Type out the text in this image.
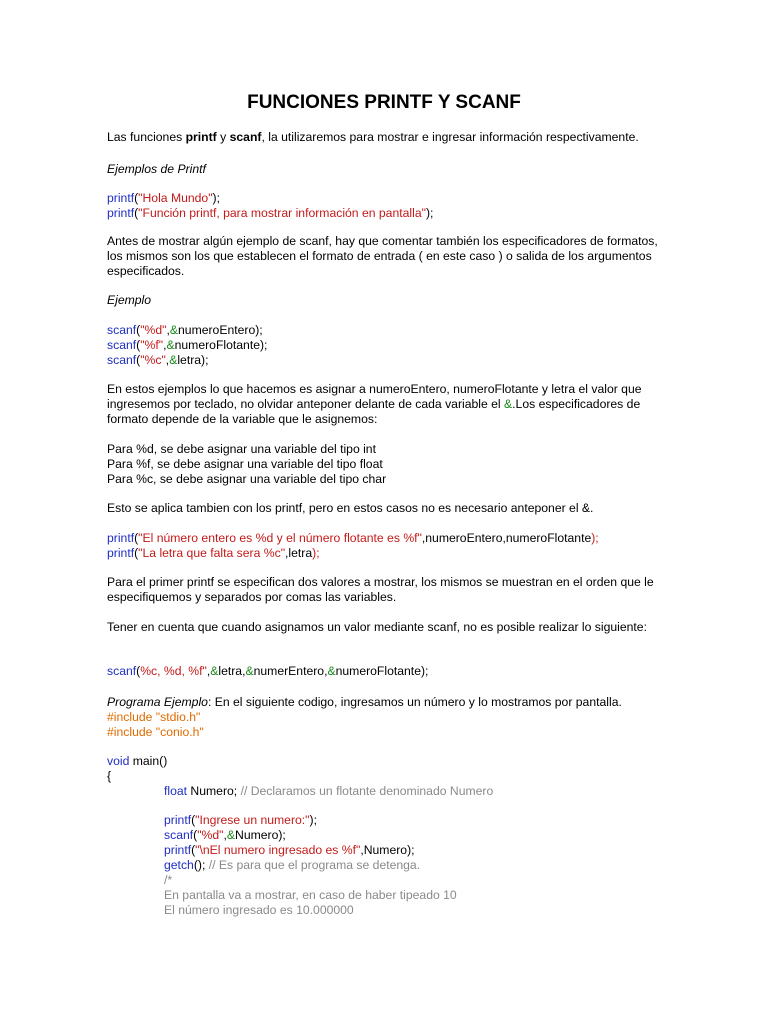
FUNCIONES PRINTF Y SCANF

Las funciones printf y scanf, la utilizaremos para mostrar e ingresar información respectivamente.

Ejemplos de Printf

printf("Hola Mundo");
printf("Función printf, para mostrar información en pantalla");

Antes de mostrar algún ejemplo de scanf, hay que comentar también los especificadores de formatos, los mismos son los que establecen el formato de entrada ( en este caso ) o salida de los argumentos especificados.

Ejemplo

scanf("%d",&numeroEntero);
scanf("%f",&numeroFlotante);
scanf("%c",&letra);

En estos ejemplos lo que hacemos es asignar a numeroEntero, numeroFlotante y letra el valor que ingresemos por teclado, no olvidar anteponer delante de cada variable el &.Los especificadores de formato depende de la variable que le asignemos:

Para %d, se debe asignar una variable del tipo int
Para %f, se debe asignar una variable del tipo float
Para %c, se debe asignar una variable del tipo char

Esto se aplica tambien con los printf, pero en estos casos no es necesario anteponer el &.

printf("El número entero es %d y el número flotante es %f",numeroEntero,numeroFlotante);
printf("La letra que falta sera %c",letra);

Para el primer printf se especifican dos valores a mostrar, los mismos se muestran en el orden que le especifiquemos y separados por comas las variables.

Tener en cuenta que cuando asignamos un valor mediante scanf, no es posible realizar lo siguiente:

scanf(%c, %d, %f",&letra,&numerEntero,&numeroFlotante);
Programa Ejemplo: En el siguiente codigo, ingresamos un número y lo mostramos por pantalla.
#include "stdio.h"
#include "conio.h"
void main()
{
float Numero; // Declaramos un flotante denominado Numero
printf("Ingrese un numero:");
scanf("%d",&Numero);
printf("\nEl numero ingresado es %f",Numero);
getch(); // Es para que el programa se detenga.
/*
En pantalla va a mostrar, en caso de haber tipeado 10
El número ingresado es 10.000000
